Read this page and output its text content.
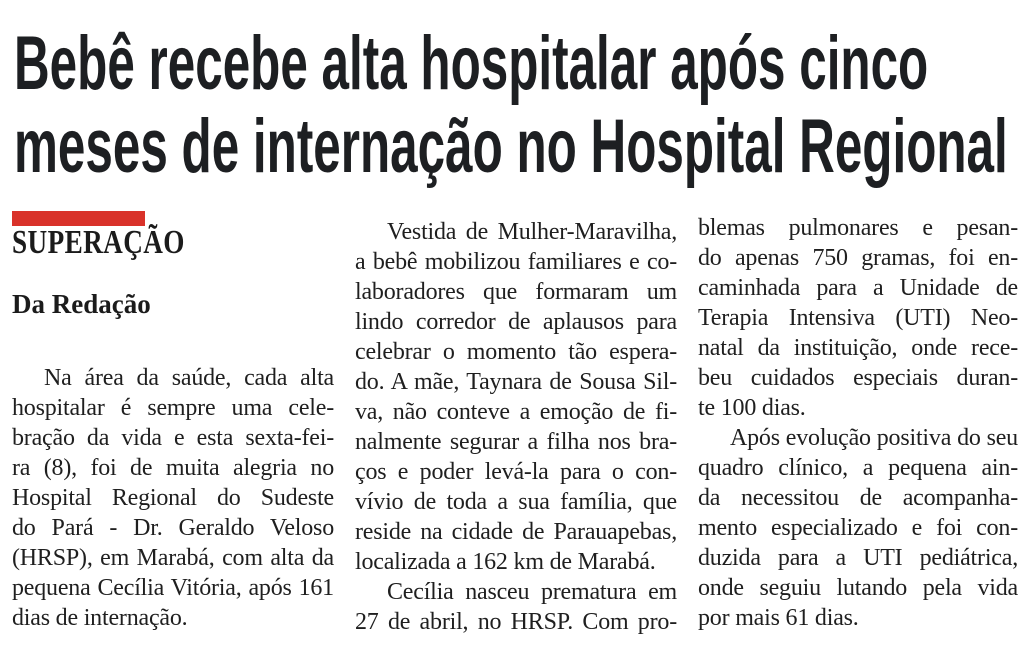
Bebê recebe alta hospitalar após cinco
meses de internação no Hospital Regional
SUPERAÇÃO
Da Redação
Na área da saúde, cada alta
hospitalar é sempre uma cele-
bração da vida e esta sexta-fei-
ra (8), foi de muita alegria no
Hospital Regional do Sudeste
do Pará - Dr. Geraldo Veloso
(HRSP), em Marabá, com alta da
pequena Cecília Vitória, após 161
dias de internação.
Vestida de Mulher-Maravilha,
a bebê mobilizou familiares e co-
laboradores que formaram um
lindo corredor de aplausos para
celebrar o momento tão espera-
do. A mãe, Taynara de Sousa Sil-
va, não conteve a emoção de fi-
nalmente segurar a filha nos bra-
ços e poder levá-la para o con-
vívio de toda a sua família, que
reside na cidade de Parauapebas,
localizada a 162 km de Marabá.
Cecília nasceu prematura em
27 de abril, no HRSP. Com pro-
blemas pulmonares e pesan-
do apenas 750 gramas, foi en-
caminhada para a Unidade de
Terapia Intensiva (UTI) Neo-
natal da instituição, onde rece-
beu cuidados especiais duran-
te 100 dias.
Após evolução positiva do seu
quadro clínico, a pequena ain-
da necessitou de acompanha-
mento especializado e foi con-
duzida para a UTI pediátrica,
onde seguiu lutando pela vida
por mais 61 dias.
